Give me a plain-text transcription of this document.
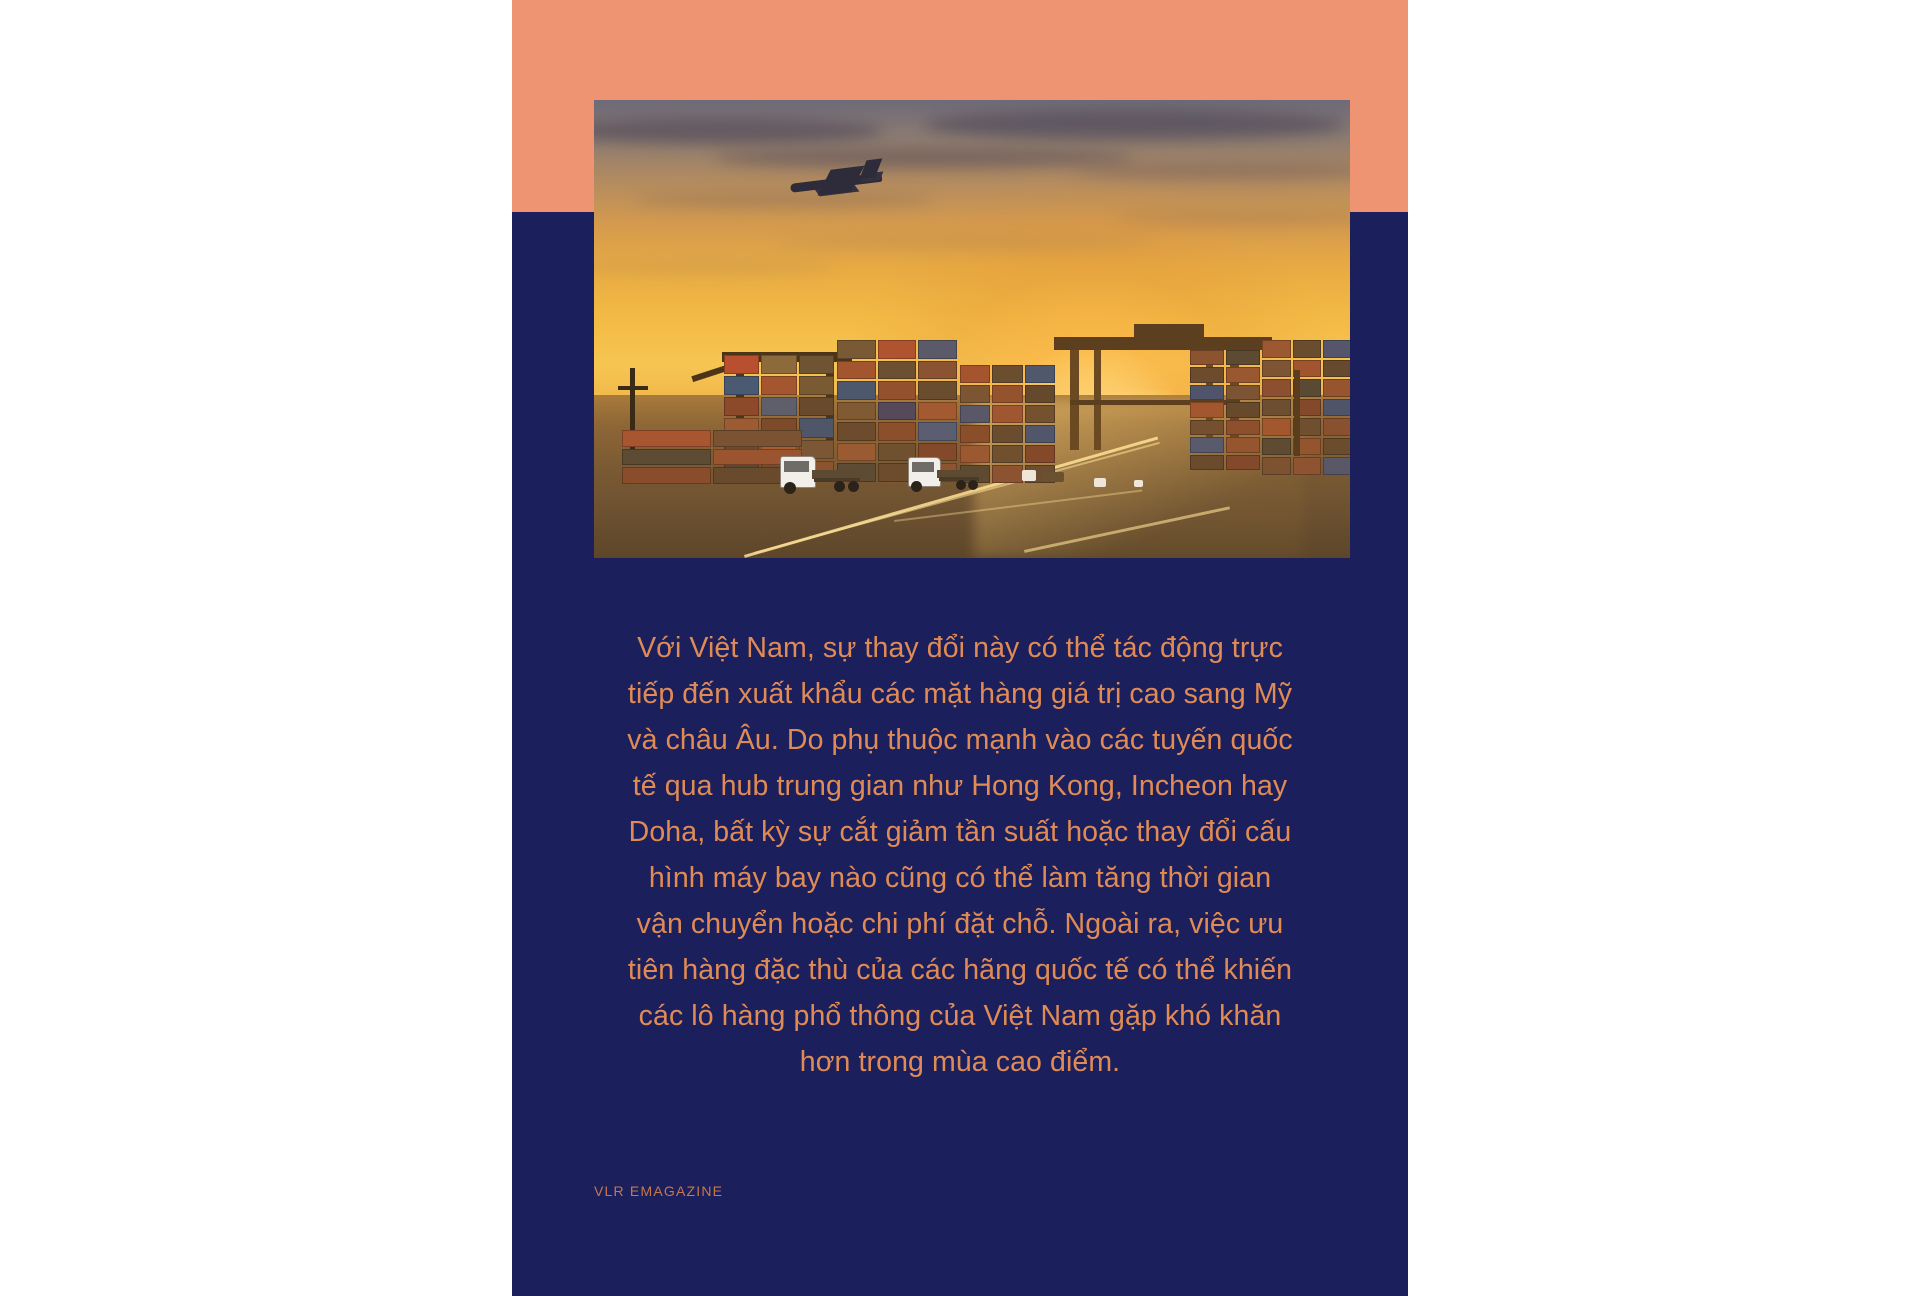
Với Việt Nam, sự thay đổi này có thể tác động trực tiếp đến xuất khẩu các mặt hàng giá trị cao sang Mỹ và châu Âu. Do phụ thuộc mạnh vào các tuyến quốc tế qua hub trung gian như Hong Kong, Incheon hay Doha, bất kỳ sự cắt giảm tần suất hoặc thay đổi cấu hình máy bay nào cũng có thể làm tăng thời gian vận chuyển hoặc chi phí đặt chỗ. Ngoài ra, việc ưu tiên hàng đặc thù của các hãng quốc tế có thể khiến các lô hàng phổ thông của Việt Nam gặp khó khăn hơn trong mùa cao điểm.
VLR EMAGAZINE
